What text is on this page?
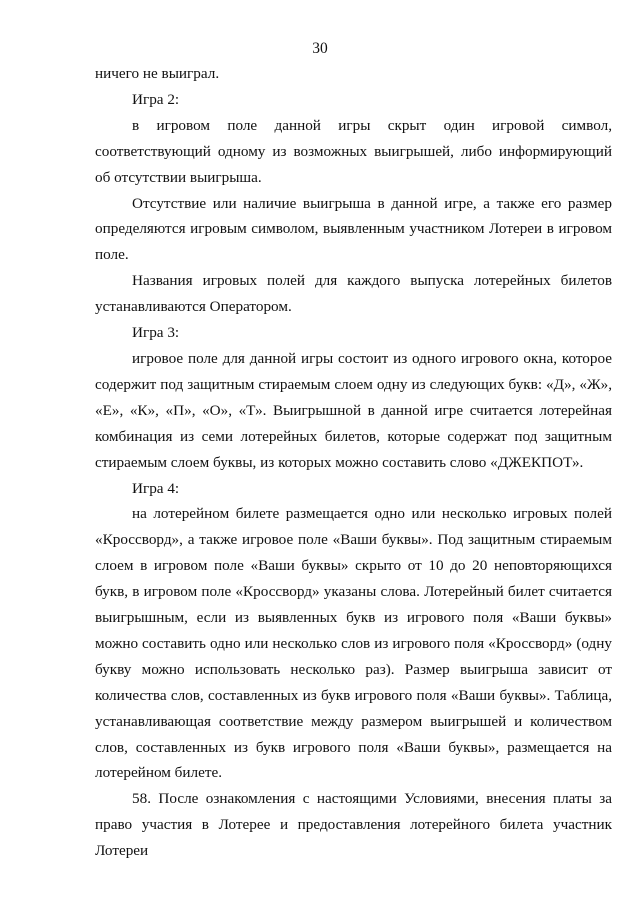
30

ничего не выиграл.

Игра 2:

в игровом поле данной игры скрыт один игровой символ, соответствующий одному из возможных выигрышей, либо информирующий об отсутствии выигрыша.

Отсутствие или наличие выигрыша в данной игре, а также его размер определяются игровым символом, выявленным участником Лотереи в игровом поле.

Названия игровых полей для каждого выпуска лотерейных билетов устанавливаются Оператором.

Игра 3:

игровое поле для данной игры состоит из одного игрового окна, которое содержит под защитным стираемым слоем одну из следующих букв: «Д», «Ж», «Е», «К», «П», «О», «Т». Выигрышной в данной игре считается лотерейная комбинация из семи лотерейных билетов, которые содержат под защитным стираемым слоем буквы, из которых можно составить слово «ДЖЕКПОТ».

Игра 4:

на лотерейном билете размещается одно или несколько игровых полей «Кроссворд», а также игровое поле «Ваши буквы». Под защитным стираемым слоем в игровом поле «Ваши буквы» скрыто от 10 до 20 неповторяющихся букв, в игровом поле «Кроссворд» указаны слова. Лотерейный билет считается выигрышным, если из выявленных букв из игрового поля «Ваши буквы» можно составить одно или несколько слов из игрового поля «Кроссворд» (одну букву можно использовать несколько раз). Размер выигрыша зависит от количества слов, составленных из букв игрового поля «Ваши буквы». Таблица, устанавливающая соответствие между размером выигрышей и количеством слов, составленных из букв игрового поля «Ваши буквы», размещается на лотерейном билете.

58. После ознакомления с настоящими Условиями, внесения платы за право участия в Лотерее и предоставления лотерейного билета участник Лотереи
